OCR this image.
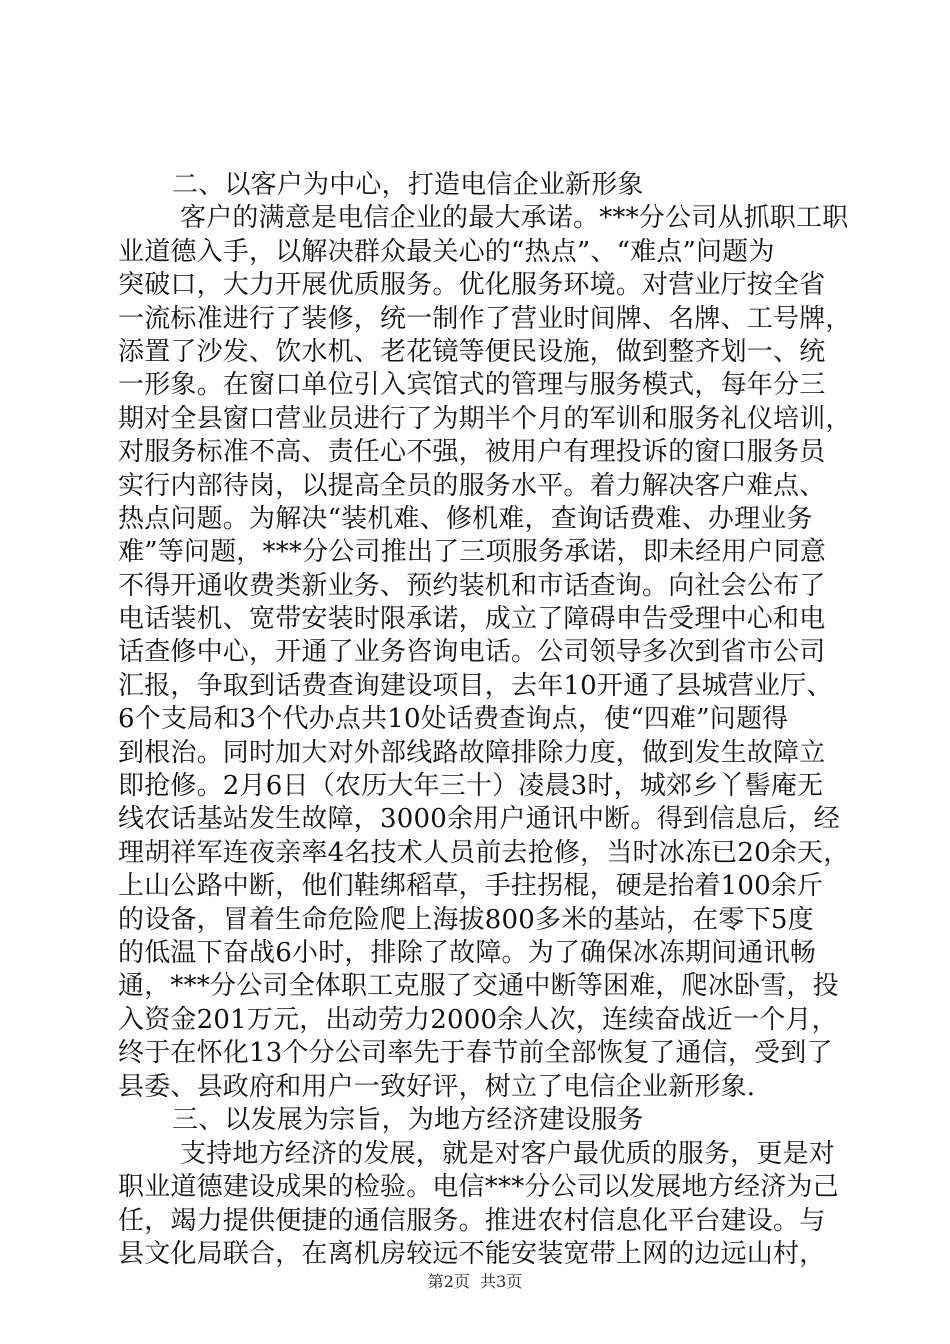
二、以客户为中心，打造电信企业新形象
客户的满意是电信企业的最大承诺。***分公司从抓职工职
业道德入手，以解决群众最关心的“热点”、“难点”问题为
突破口，大力开展优质服务。优化服务环境。对营业厅按全省
一流标准进行了装修，统一制作了营业时间牌、名牌、工号牌，
添置了沙发、饮水机、老花镜等便民设施，做到整齐划一、统
一形象。在窗口单位引入宾馆式的管理与服务模式，每年分三
期对全县窗口营业员进行了为期半个月的军训和服务礼仪培训，
对服务标准不高、责任心不强，被用户有理投诉的窗口服务员
实行内部待岗，以提高全员的服务水平。着力解决客户难点、
热点问题。为解决“装机难、修机难，查询话费难、办理业务
难”等问题，***分公司推出了三项服务承诺，即未经用户同意
不得开通收费类新业务、预约装机和市话查询。向社会公布了
电话装机、宽带安装时限承诺，成立了障碍申告受理中心和电
话查修中心，开通了业务咨询电话。公司领导多次到省市公司
汇报，争取到话费查询建设项目，去年10开通了县城营业厅、
6个支局和3个代办点共10处话费查询点，使“四难”问题得
到根治。同时加大对外部线路故障排除力度，做到发生故障立
即抢修。2月6日（农历大年三十）凌晨3时，城郊乡丫髻庵无
线农话基站发生故障，3000余用户通讯中断。得到信息后，经
理胡祥军连夜亲率4名技术人员前去抢修，当时冰冻已20余天，
上山公路中断，他们鞋绑稻草，手拄拐棍，硬是抬着100余斤
的设备，冒着生命危险爬上海拔800多米的基站，在零下5度
的低温下奋战6小时，排除了故障。为了确保冰冻期间通讯畅
通，***分公司全体职工克服了交通中断等困难，爬冰卧雪，投
入资金201万元，出动劳力2000余人次，连续奋战近一个月，
终于在怀化13个分公司率先于春节前全部恢复了通信，受到了
县委、县政府和用户一致好评，树立了电信企业新形象.
三、以发展为宗旨，为地方经济建设服务
支持地方经济的发展，就是对客户最优质的服务，更是对
职业道德建设成果的检验。电信***分公司以发展地方经济为己
任，竭力提供便捷的通信服务。推进农村信息化平台建设。与
县文化局联合，在离机房较远不能安装宽带上网的边远山村，
第2页  共3页
